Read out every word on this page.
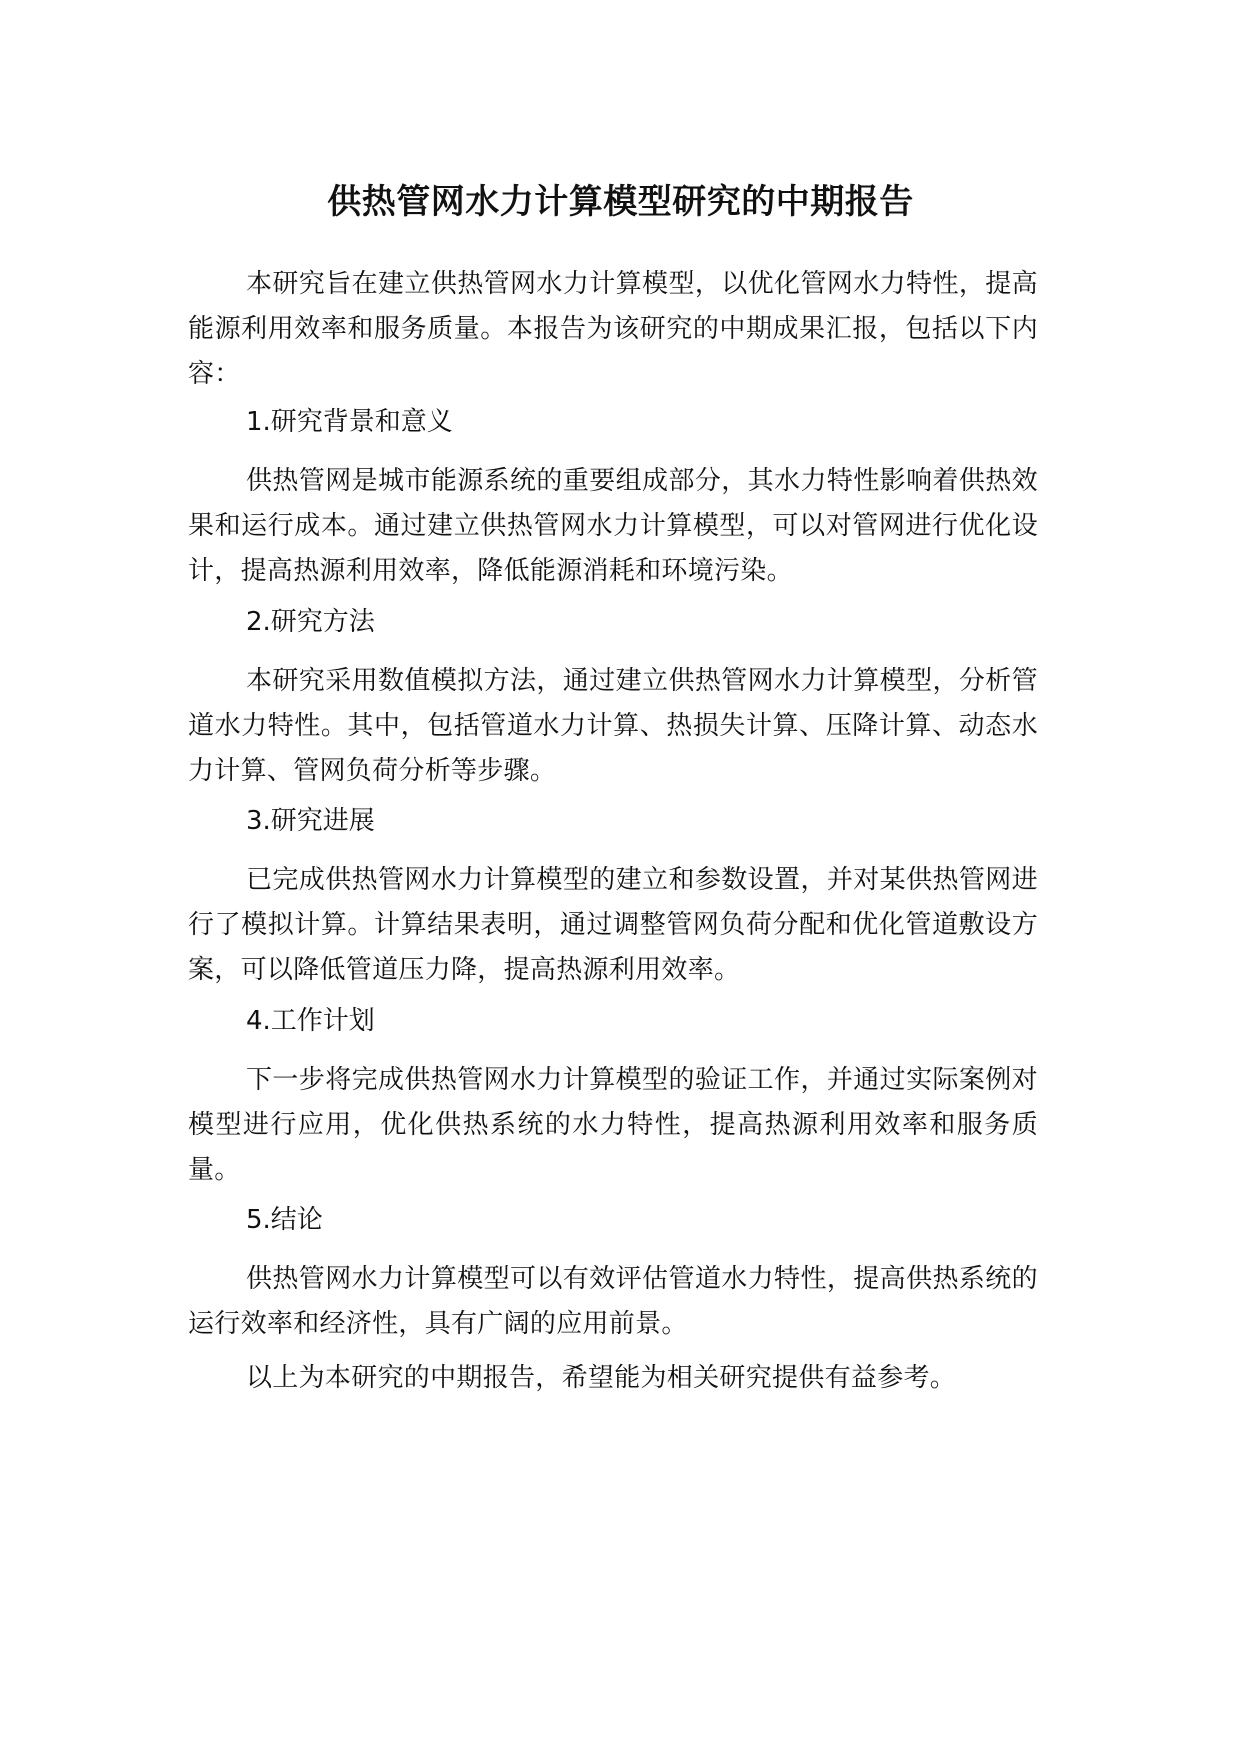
供热管网水力计算模型研究的中期报告

本研究旨在建立供热管网水力计算模型，以优化管网水力特性，提高能源利用效率和服务质量。本报告为该研究的中期成果汇报，包括以下内容：

1.研究背景和意义

供热管网是城市能源系统的重要组成部分，其水力特性影响着供热效果和运行成本。通过建立供热管网水力计算模型，可以对管网进行优化设计，提高热源利用效率，降低能源消耗和环境污染。

2.研究方法

本研究采用数值模拟方法，通过建立供热管网水力计算模型，分析管道水力特性。其中，包括管道水力计算、热损失计算、压降计算、动态水力计算、管网负荷分析等步骤。

3.研究进展

已完成供热管网水力计算模型的建立和参数设置，并对某供热管网进行了模拟计算。计算结果表明，通过调整管网负荷分配和优化管道敷设方案，可以降低管道压力降，提高热源利用效率。

4.工作计划

下一步将完成供热管网水力计算模型的验证工作，并通过实际案例对模型进行应用，优化供热系统的水力特性，提高热源利用效率和服务质量。

5.结论

供热管网水力计算模型可以有效评估管道水力特性，提高供热系统的运行效率和经济性，具有广阔的应用前景。

以上为本研究的中期报告，希望能为相关研究提供有益参考。
